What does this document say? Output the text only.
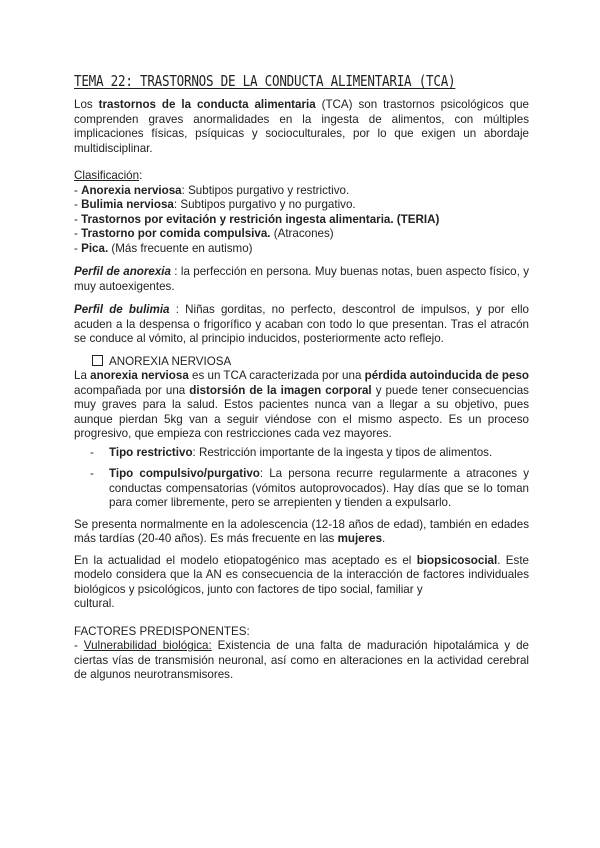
TEMA 22: TRASTORNOS DE LA CONDUCTA ALIMENTARIA (TCA)

Los trastornos de la conducta alimentaria (TCA) son trastornos psicológicos que comprenden graves anormalidades en la ingesta de alimentos, con múltiples implicaciones físicas, psíquicas y socioculturales, por lo que exigen un abordaje multidisciplinar.

Clasificación:

- Anorexia nerviosa: Subtipos purgativo y restrictivo.
- Bulimia nerviosa: Subtipos purgativo y no purgativo.
- Trastornos por evitación y restrición ingesta alimentaria. (TERIA)
- Trastorno por comida compulsiva. (Atracones)
- Pica. (Más frecuente en autismo)

Perfil de anorexia : la perfección en persona. Muy buenas notas, buen aspecto físico, y muy autoexigentes.

Perfil de bulimia : Niñas gorditas, no perfecto, descontrol de impulsos, y por ello acuden a la despensa o frigorífico y acaban con todo lo que presentan. Tras el atracón se conduce al vómito, al principio inducidos, posteriormente acto reflejo.

ANOREXIA NERVIOSA

La anorexia nerviosa es un TCA caracterizada por una pérdida autoinducida de peso acompañada por una distorsión de la imagen corporal y puede tener consecuencias muy graves para la salud. Estos pacientes nunca van a llegar a su objetivo, pues aunque pierdan 5kg van a seguir viéndose con el mismo aspecto. Es un proceso progresivo, que empieza con restricciones cada vez mayores.

- Tipo restrictivo: Restricción importante de la ingesta y tipos de alimentos.
- Tipo compulsivo/purgativo: La persona recurre regularmente a atracones y conductas compensatorias (vómitos autoprovocados). Hay días que se lo toman para comer libremente, pero se arrepienten y tienden a expulsarlo.

Se presenta normalmente en la adolescencia (12-18 años de edad), también en edades más tardías (20-40 años). Es más frecuente en las mujeres.

En la actualidad el modelo etiopatogénico mas aceptado es el biopsicosocial. Este modelo considera que la AN es consecuencia de la interacción de factores individuales biológicos y psicológicos, junto con factores de tipo social, familiar y

cultural.

FACTORES PREDISPONENTES:

- Vulnerabilidad biológica: Existencia de una falta de maduración hipotalámica y de ciertas vías de transmisión neuronal, así como en alteraciones en la actividad cerebral de algunos neurotransmisores.
